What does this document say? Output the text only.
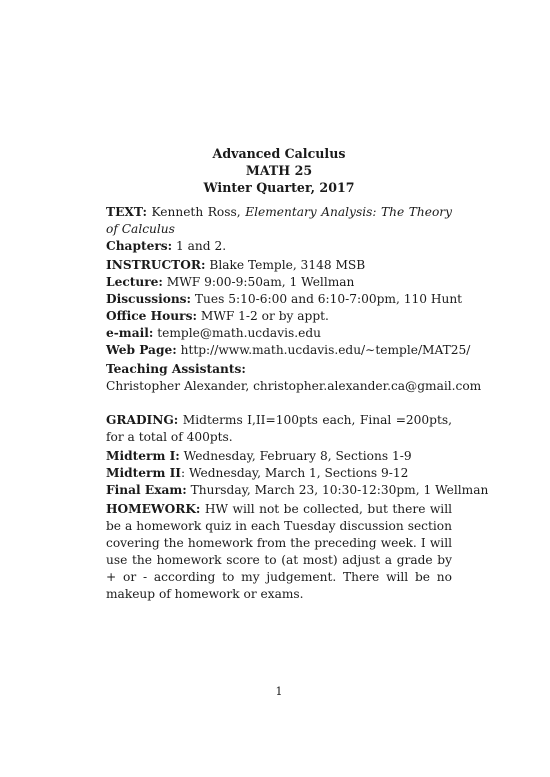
Advanced Calculus
MATH 25
Winter Quarter, 2017
TEXT: Kenneth Ross, Elementary Analysis: The Theory of Calculus
Chapters: 1 and 2.
INSTRUCTOR: Blake Temple, 3148 MSB
Lecture: MWF 9:00-9:50am, 1 Wellman
Discussions: Tues 5:10-6:00 and 6:10-7:00pm, 110 Hunt
Office Hours: MWF 1-2 or by appt.
e-mail: temple@math.ucdavis.edu
Web Page: http://www.math.ucdavis.edu/∼temple/MAT25/
Teaching Assistants:
Christopher Alexander, christopher.alexander.ca@gmail.com
GRADING: Midterms I,II=100pts each, Final =200pts, for a total of 400pts.
Midterm I: Wednesday, February 8, Sections 1-9
Midterm II: Wednesday, March 1, Sections 9-12
Final Exam: Thursday, March 23, 10:30-12:30pm, 1 Wellman
HOMEWORK: HW will not be collected, but there will be a homework quiz in each Tuesday discussion section covering the homework from the preceding week. I will use the homework score to (at most) adjust a grade by + or - according to my judgement. There will be no makeup of homework or exams.
1
